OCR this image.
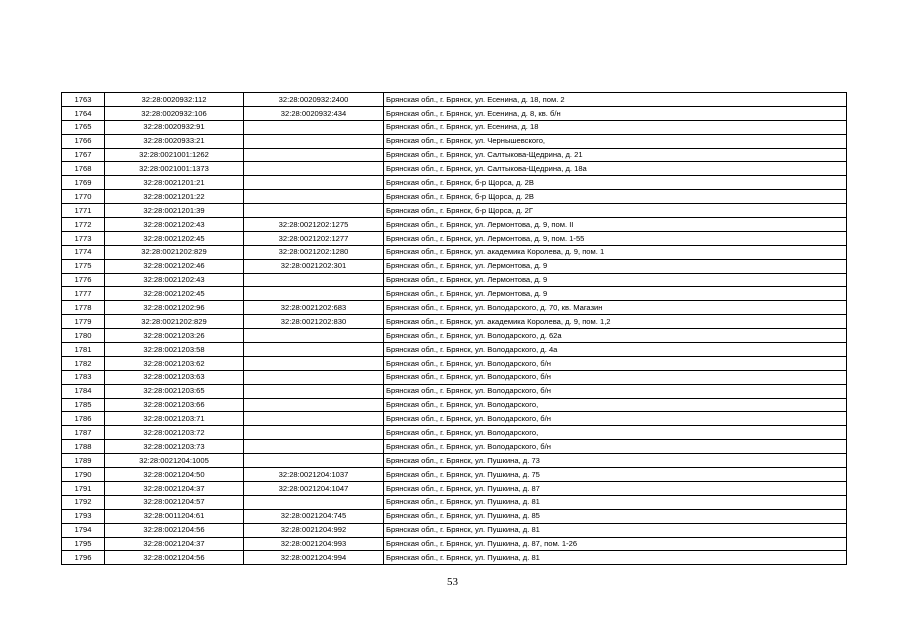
1763	32:28:0020932:112	32:28:0020932:2400	Брянская обл., г. Брянск, ул. Есенина, д. 18, пом. 2
1764	32:28:0020932:106	32:28:0020932:434	Брянская обл., г. Брянск, ул. Есенина, д. 8, кв. б/н
1765	32:28:0020932:91		Брянская обл., г. Брянск, ул. Есенина, д. 18
1766	32:28:0020933:21		Брянская обл., г. Брянск, ул. Чернышевского,
1767	32:28:0021001:1262		Брянская обл., г. Брянск, ул. Салтыкова-Щедрина, д. 21
1768	32:28:0021001:1373		Брянская обл., г. Брянск, ул. Салтыкова-Щедрина, д. 18а
1769	32:28:0021201:21		Брянская обл., г. Брянск, б-р Щорса, д. 2В
1770	32:28:0021201:22		Брянская обл., г. Брянск, б-р Щорса, д. 2В
1771	32:28:0021201:39		Брянская обл., г. Брянск, б-р Щорса, д. 2Г
1772	32:28:0021202:43	32:28:0021202:1275	Брянская обл., г. Брянск, ул. Лермонтова, д. 9, пом. II
1773	32:28:0021202:45	32:28:0021202:1277	Брянская обл., г. Брянск, ул. Лермонтова, д. 9, пом. 1-55
1774	32:28:0021202:829	32:28:0021202:1280	Брянская обл., г. Брянск, ул. академика Королева, д. 9, пом. 1
1775	32:28:0021202:46	32:28:0021202:301	Брянская обл., г. Брянск, ул. Лермонтова, д. 9
1776	32:28:0021202:43		Брянская обл., г. Брянск, ул. Лермонтова, д. 9
1777	32:28:0021202:45		Брянская обл., г. Брянск, ул. Лермонтова, д. 9
1778	32:28:0021202:96	32:28:0021202:683	Брянская обл., г. Брянск, ул. Володарского, д. 70, кв. Магазин
1779	32:28:0021202:829	32:28:0021202:830	Брянская обл., г. Брянск, ул. академика Королева, д. 9, пом. 1,2
1780	32:28:0021203:26		Брянская обл., г. Брянск, ул. Володарского, д. 62а
1781	32:28:0021203:58		Брянская обл., г. Брянск, ул. Володарского, д. 4а
1782	32:28:0021203:62		Брянская обл., г. Брянск, ул. Володарского, б/н
1783	32:28:0021203:63		Брянская обл., г. Брянск, ул. Володарского, б/н
1784	32:28:0021203:65		Брянская обл., г. Брянск, ул. Володарского, б/н
1785	32:28:0021203:66		Брянская обл., г. Брянск, ул. Володарского,
1786	32:28:0021203:71		Брянская обл., г. Брянск, ул. Володарского, б/н
1787	32:28:0021203:72		Брянская обл., г. Брянск, ул. Володарского,
1788	32:28:0021203:73		Брянская обл., г. Брянск, ул. Володарского, б/н
1789	32:28:0021204:1005		Брянская обл., г. Брянск, ул. Пушкина, д. 73
1790	32:28:0021204:50	32:28:0021204:1037	Брянская обл., г. Брянск, ул. Пушкина, д. 75
1791	32:28:0021204:37	32:28:0021204:1047	Брянская обл., г. Брянск, ул. Пушкина, д. 87
1792	32:28:0021204:57		Брянская обл., г. Брянск, ул. Пушкина, д. 81
1793	32:28:0011204:61	32:28:0021204:745	Брянская обл., г. Брянск, ул. Пушкина, д. 85
1794	32:28:0021204:56	32:28:0021204:992	Брянская обл., г. Брянск, ул. Пушкина, д. 81
1795	32:28:0021204:37	32:28:0021204:993	Брянская обл., г. Брянск, ул. Пушкина, д. 87, пом. 1-26
1796	32:28:0021204:56	32:28:0021204:994	Брянская обл., г. Брянск, ул. Пушкина, д. 81
53
